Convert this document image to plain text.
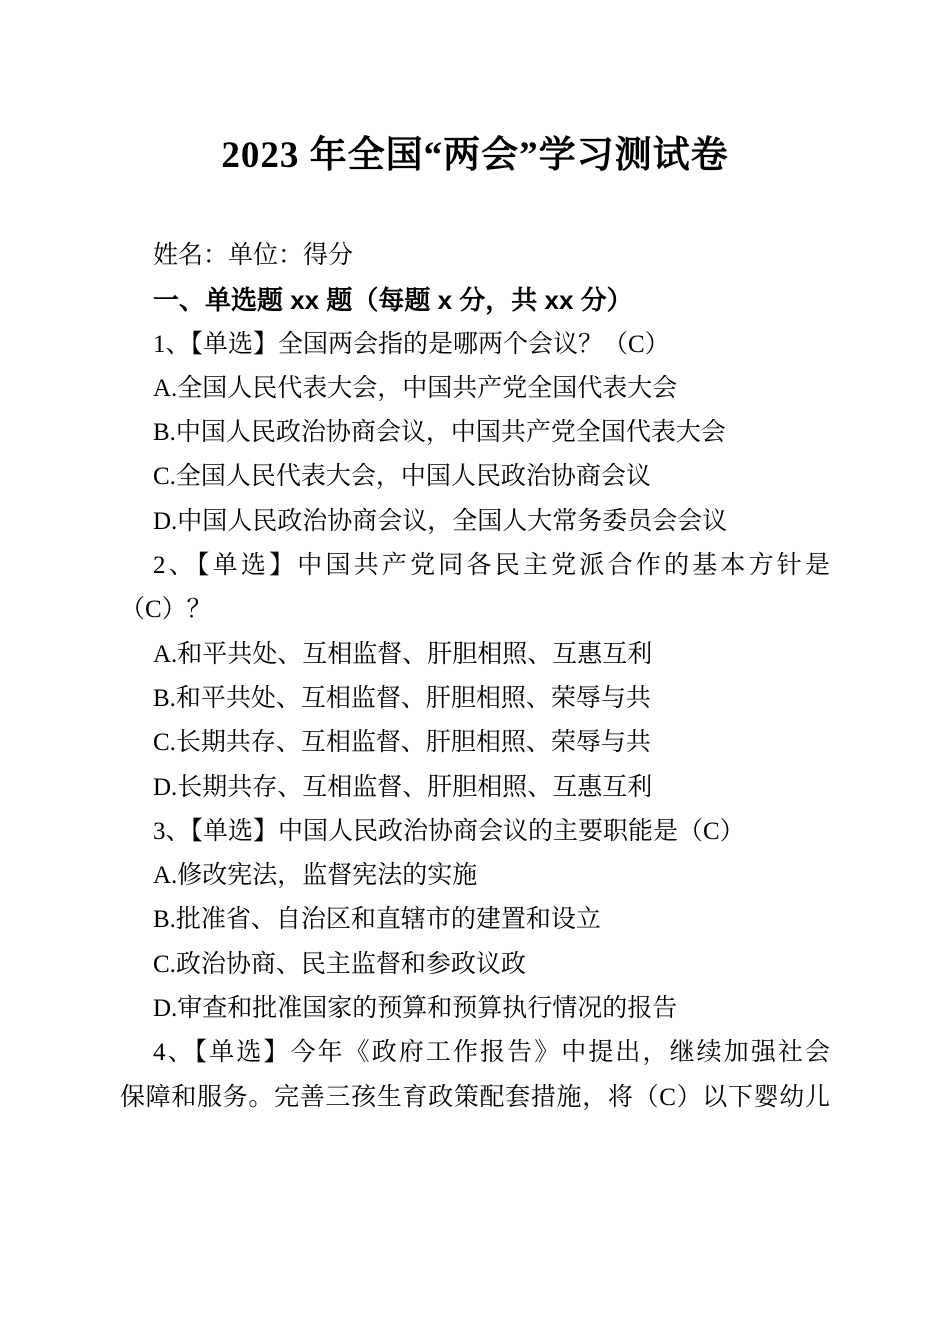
2023 年全国“两会”学习测试卷
姓名：单位：得分
一、单选题 xx 题（每题 x 分，共 xx 分）
1、【单选】全国两会指的是哪两个会议？（C）
A.全国人民代表大会，中国共产党全国代表大会
B.中国人民政治协商会议，中国共产党全国代表大会
C.全国人民代表大会，中国人民政治协商会议
D.中国人民政治协商会议，全国人大常务委员会会议
2、【单选】中国共产党同各民主党派合作的基本方针是
（C）？
A.和平共处、互相监督、肝胆相照、互惠互利
B.和平共处、互相监督、肝胆相照、荣辱与共
C.长期共存、互相监督、肝胆相照、荣辱与共
D.长期共存、互相监督、肝胆相照、互惠互利
3、【单选】中国人民政治协商会议的主要职能是（C）
A.修改宪法，监督宪法的实施
B.批准省、自治区和直辖市的建置和设立
C.政治协商、民主监督和参政议政
D.审查和批准国家的预算和预算执行情况的报告
4、【单选】今年《政府工作报告》中提出，继续加强社会
保障和服务。完善三孩生育政策配套措施，将（C）以下婴幼儿
